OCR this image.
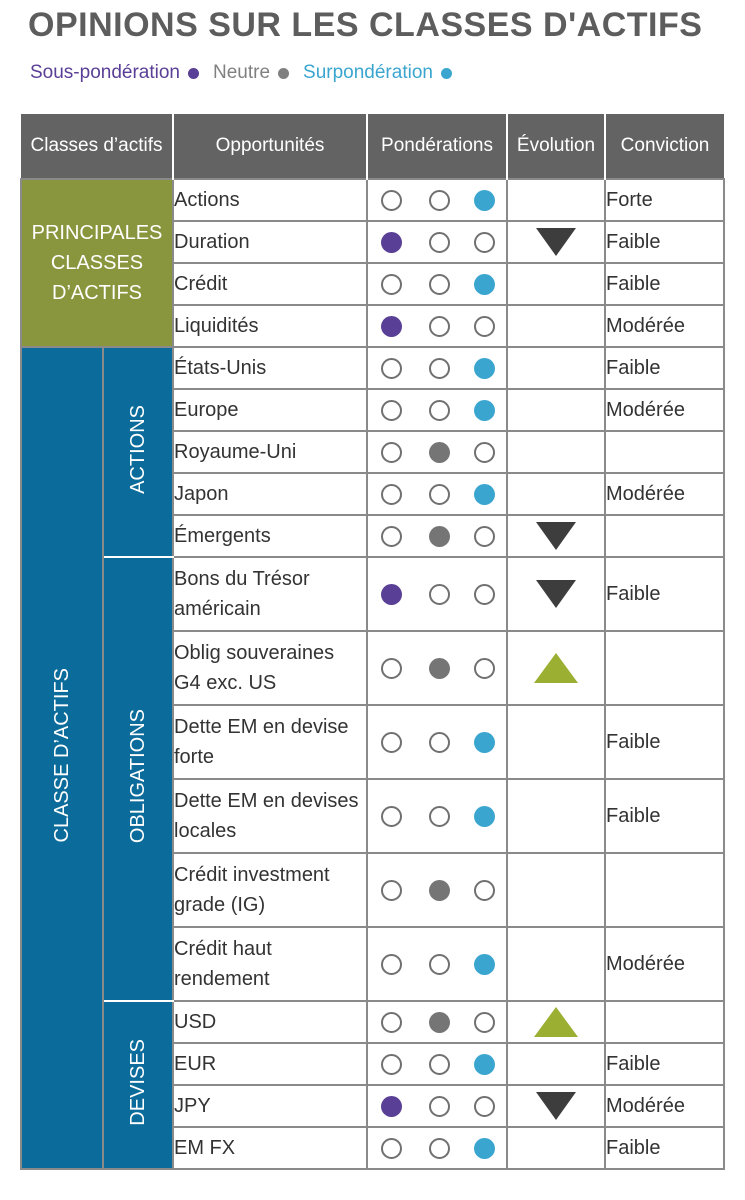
OPINIONS SUR LES CLASSES D'ACTIFS
Sous-pondération Neutre Surpondération
Classes d’actifs		Opportunités	Pondérations			Évolution	Conviction
PRINCIPALES CLASSES D’ACTIFS		Actions					Forte
		Duration					Faible
		Crédit					Faible
		Liquidités					Modérée
CLASSE D’ACTIFS	ACTIONS	États-Unis					Faible
		Europe					Modérée
		Royaume-Uni					
		Japon					Modérée
		Émergents					
	OBLIGATIONS	Bons du Trésor américain					Faible
		Oblig souveraines G4 exc. US					
		Dette EM en devise forte					Faible
		Dette EM en devises locales					Faible
		Crédit investment grade (IG)					
		Crédit haut rendement					Modérée
	DEVISES	USD					
		EUR					Faible
		JPY					Modérée
		EM FX					Faible
